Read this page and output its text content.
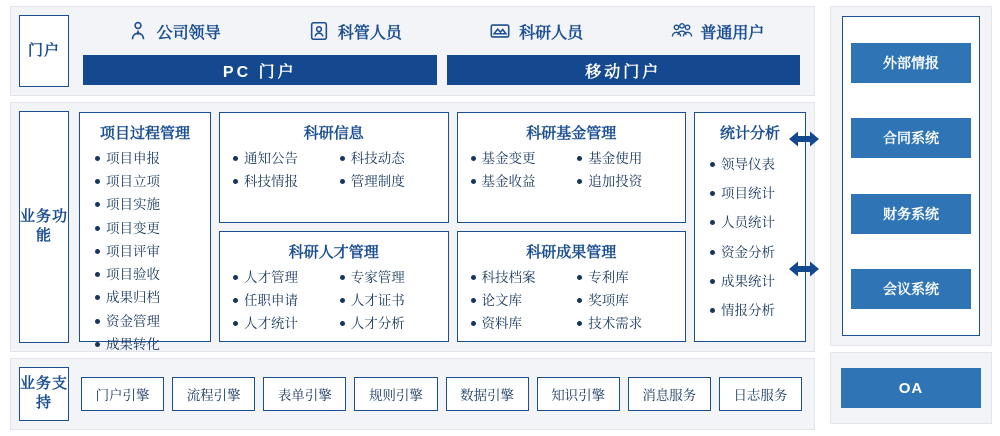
门户
公司领导	科管人员	科研人员	普通用户
PC 门户	移动门户
业务功能
项目过程管理
项目申报
项目立项
项目实施
项目变更
项目评审
项目验收
成果归档
资金管理
成果转化
科研信息
通知公告
科技情报
科技动态
管理制度
科研基金管理
基金变更
基金收益
基金使用
追加投资
科研人才管理
人才管理
任职申请
人才统计
专家管理
人才证书
人才分析
科研成果管理
科技档案
论文库
资料库
专利库
奖项库
技术需求
统计分析
领导仪表
项目统计
人员统计
资金分析
成果统计
情报分析
业务支持	门户引擎	流程引擎	表单引擎	规则引擎	数据引擎	知识引擎	消息服务	日志服务
外部情报
合同系统
财务系统
会议系统
OA
